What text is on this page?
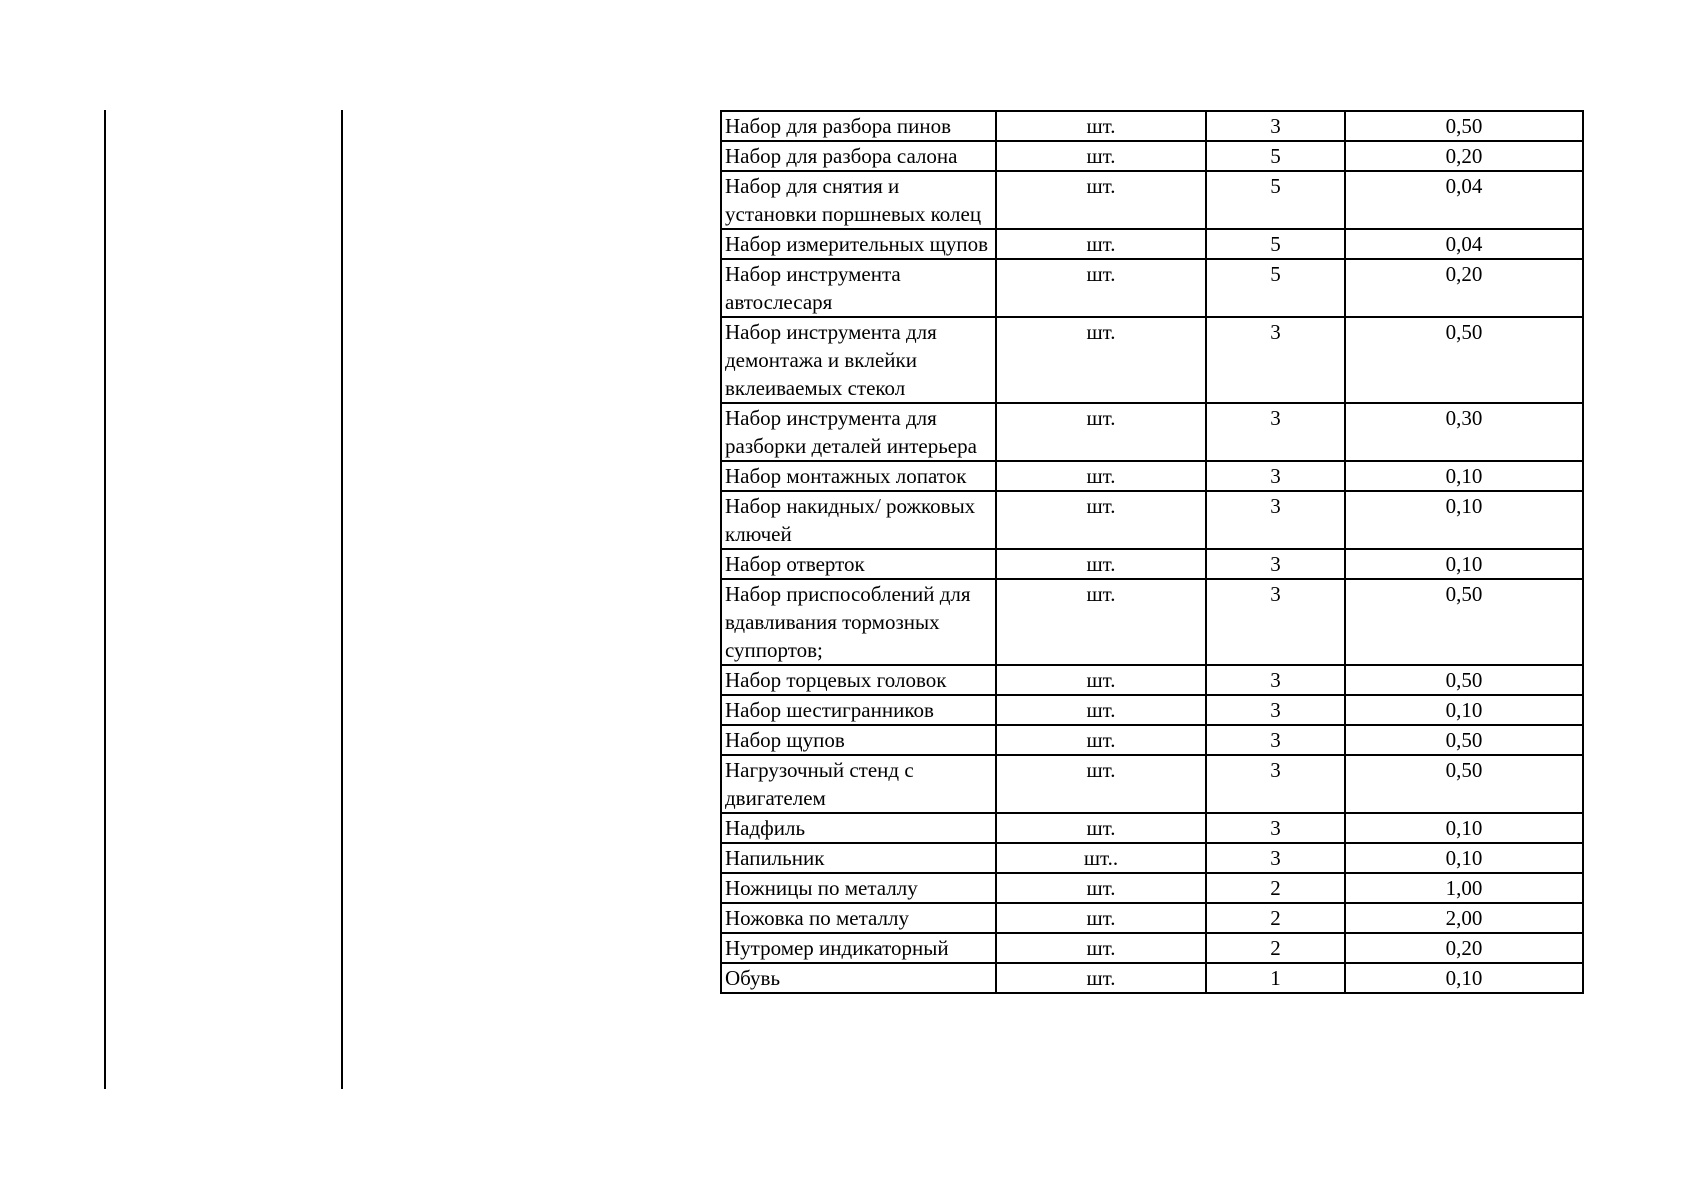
Набор для разбора пинов	шт.	3	0,50
Набор для разбора салона	шт.	5	0,20
Набор для снятия и установки поршневых колец	шт.	5	0,04
Набор измерительных щупов	шт.	5	0,04
Набор инструмента автослесаря	шт.	5	0,20
Набор инструмента для демонтажа и вклейки вклеиваемых стекол	шт.	3	0,50
Набор инструмента для разборки деталей интерьера	шт.	3	0,30
Набор монтажных лопаток	шт.	3	0,10
Набор накидных/ рожковых ключей	шт.	3	0,10
Набор отверток	шт.	3	0,10
Набор приспособлений для вдавливания тормозных суппортов;	шт.	3	0,50
Набор торцевых головок	шт.	3	0,50
Набор шестигранников	шт.	3	0,10
Набор щупов	шт.	3	0,50
Нагрузочный стенд с двигателем	шт.	3	0,50
Надфиль	шт.	3	0,10
Напильник	шт..	3	0,10
Ножницы по металлу	шт.	2	1,00
Ножовка по металлу	шт.	2	2,00
Нутромер индикаторный	шт.	2	0,20
Обувь	шт.	1	0,10
